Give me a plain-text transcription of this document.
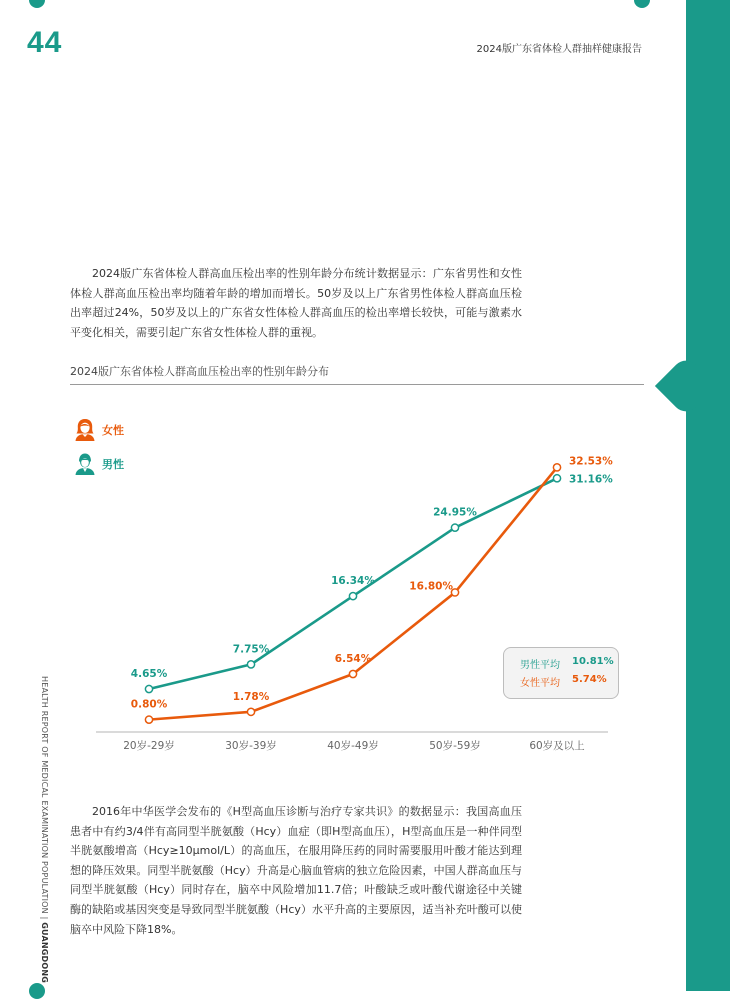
44	2024版广东省体检人群抽样健康报告
HEALTH REPORT OF MEDICAL EXAMINATION POPULATION | GUANGDONG

2024版广东省体检人群高血压检出率的性别年龄分布统计数据显示：广东省男性和女性体检人群高血压检出率均随着年龄的增加而增长。50岁及以上广东省男性体检人群高血压检出率超过24%，50岁及以上的广东省女性体检人群高血压的检出率增长较快，可能与激素水平变化相关，需要引起广东省女性体检人群的重视。

2024版广东省体检人群高血压检出率的性别年龄分布
女性
男性
20岁-29岁	30岁-39岁	40岁-49岁	50岁-59岁	60岁及以上
4.65%
7.75%
16.34%
24.95%
31.16%
0.80%
1.78%
6.54%
16.80%
32.53%
男性平均	10.81%
女性平均	5.74%

2016年中华医学会发布的《H型高血压诊断与治疗专家共识》的数据显示：我国高血压患者中有约3/4伴有高同型半胱氨酸（Hcy）血症（即H型高血压），H型高血压是一种伴同型半胱氨酸增高（Hcy≥10μmol/L）的高血压，在服用降压药的同时需要服用叶酸才能达到理想的降压效果。同型半胱氨酸（Hcy）升高是心脑血管病的独立危险因素，中国人群高血压与同型半胱氨酸（Hcy）同时存在，脑卒中风险增加11.7倍；叶酸缺乏或叶酸代谢途径中关键酶的缺陷或基因突变是导致同型半胱氨酸（Hcy）水平升高的主要原因，适当补充叶酸可以使脑卒中风险下降18%。
